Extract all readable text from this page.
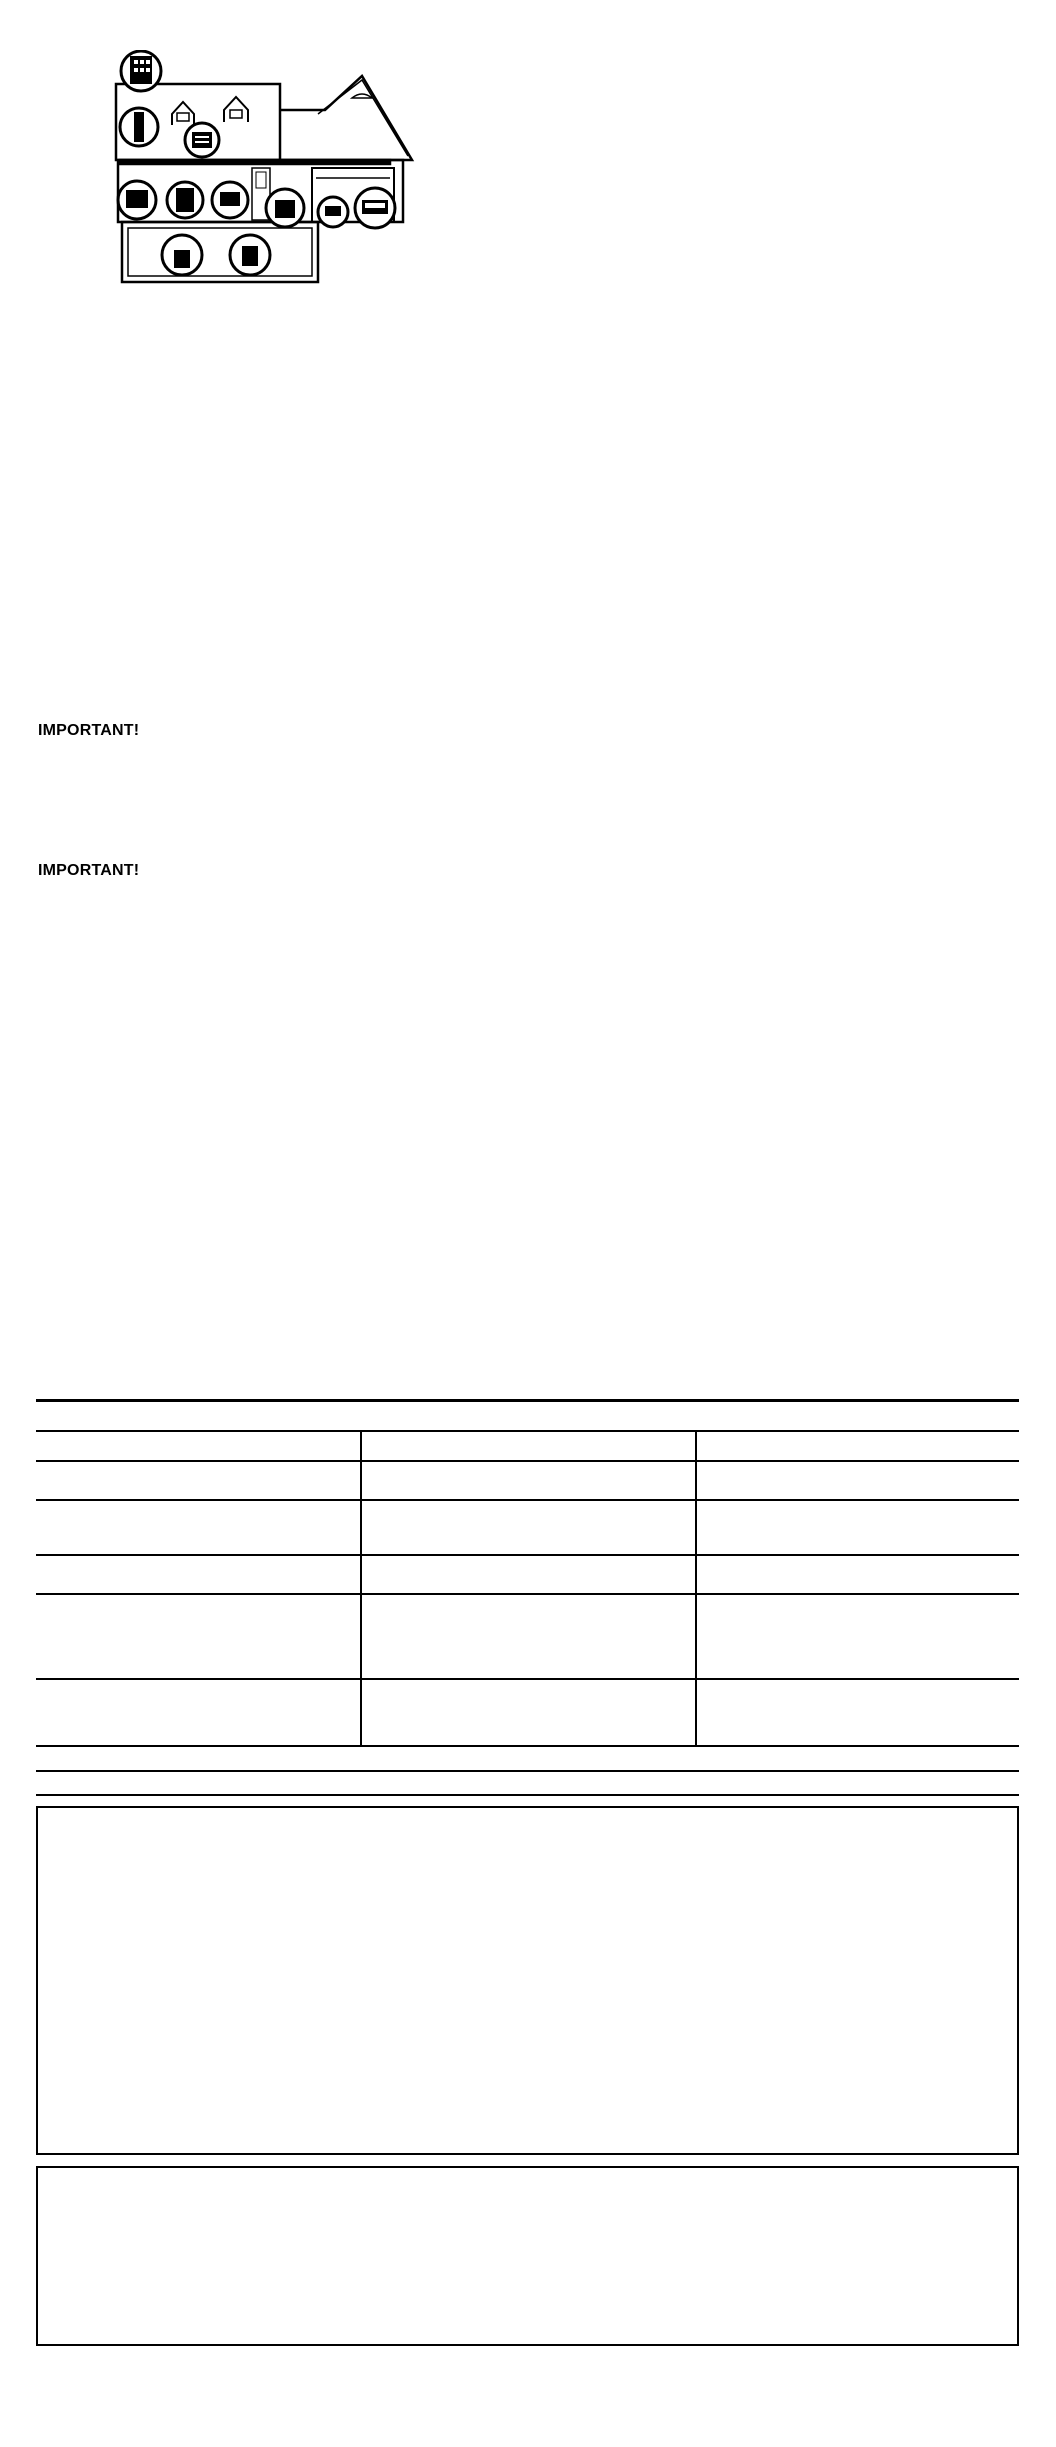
IMPORTANT!
IMPORTANT!
